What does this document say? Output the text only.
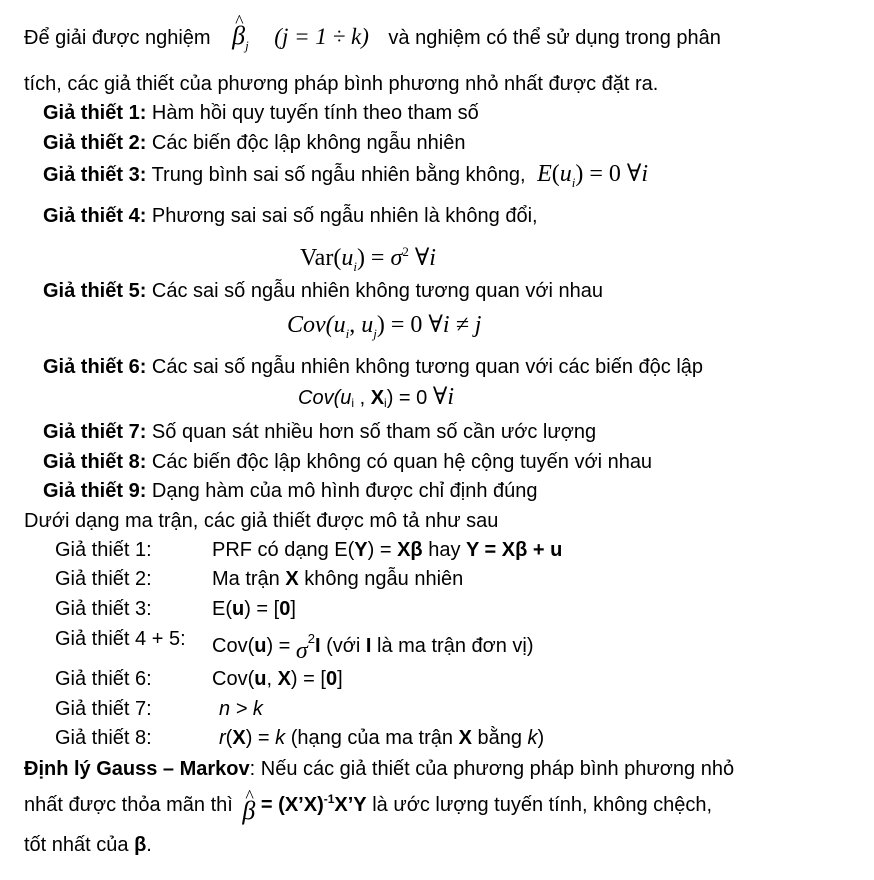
Để giải được nghiệm ^ $\beta_j$ (j = 1 ÷ k) và nghiệm có thể sử dụng trong phân
tích, các giả thiết của phương pháp bình phương nhỏ nhất được đặt ra.
Giả thiết 1: Hàm hồi quy tuyến tính theo tham số
Giả thiết 2: Các biến độc lập không ngẫu nhiên
Giả thiết 3: Trung bình sai số ngẫu nhiên bằng không, $E(u_i) = 0$ ∀i
Giả thiết 4: Phương sai sai số ngẫu nhiên là không đổi,
$Var(u_i) = \sigma^2$ ∀i
Giả thiết 5: Các sai số ngẫu nhiên không tương quan với nhau
$Cov(u_i$, $u_j) = 0$ ∀i ≠ j
Giả thiết 6: Các sai số ngẫu nhiên không tương quan với các biến độc lập
$Cov(u_i$ , $X_i) = 0$ ∀i
Giả thiết 7: Số quan sát nhiều hơn số tham số cần ước lượng
Giả thiết 8: Các biến độc lập không có quan hệ cộng tuyến với nhau
Giả thiết 9: Dạng hàm của mô hình được chỉ định đúng
Dưới dạng ma trận, các giả thiết được mô tả như sau
Giả thiết 1:	PRF có dạng E(Y) = Xβ hay Y = Xβ + u
Giả thiết 2:	Ma trận X không ngẫu nhiên
Giả thiết 3:	E(u) = [0]
Giả thiết 4 + 5: $Cov(u) = \sigma^2I$ (với I là ma trận đơn vị)
Giả thiết 6:	Cov(u, X) = [0]
Giả thiết 7:	n > k
Giả thiết 8:	r(X) = k (hạng của ma trận X bằng k)
Định lý Gauss – Markov: Nếu các giả thiết của phương pháp bình phương nhỏ
nhất được thỏa mãn thì ^ β = (X’X)$^{-1}$X’Y là ước lượng tuyến tính, không chệch,
tốt nhất của β.
